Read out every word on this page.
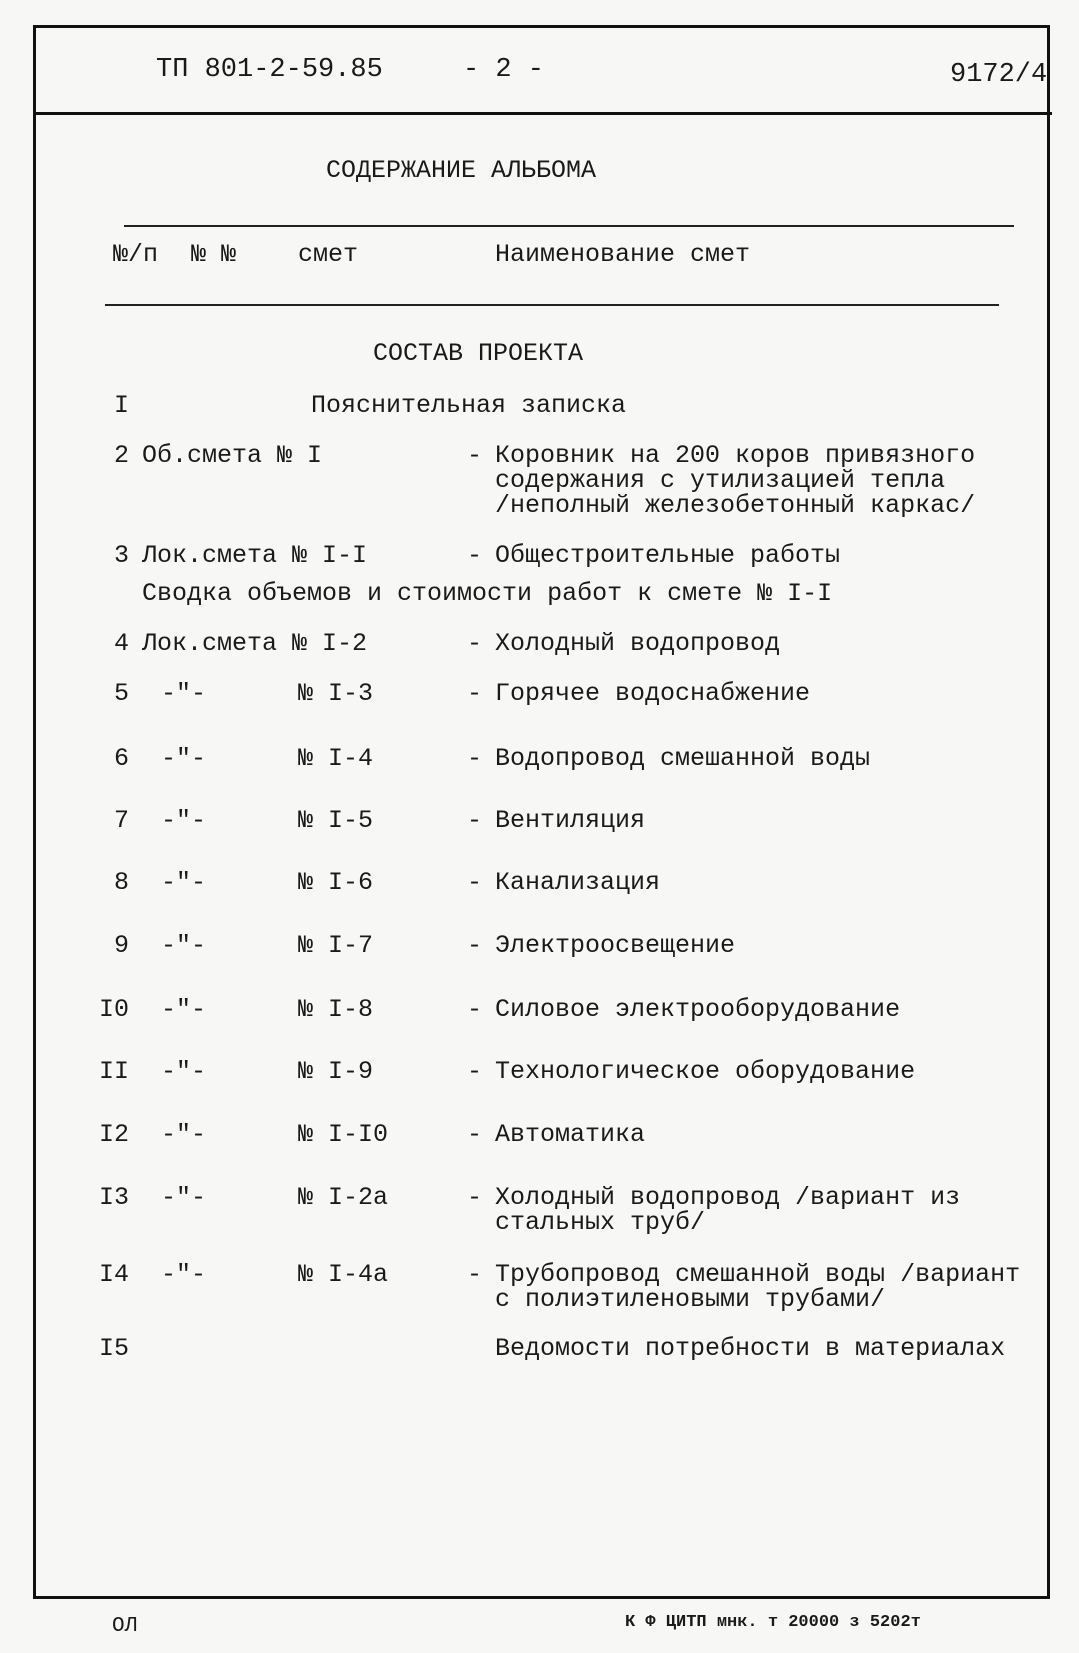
ТП 801-2-59.85	- 2 -	9172/4
СОДЕРЖАНИЕ АЛЬБОМА
№/п № № смет	Наименование смет
СОСТАВ ПРОЕКТА
I	Пояснительная записка
2 Об.смета № I	- Коровник на 200 коров привязного
содержания с утилизацией тепла
/неполный железобетонный каркас/
3 Лок.смета № I-I	- Общестроительные работы
Сводка объемов и стоимости работ к смете № I-I
4 Лок.смета № I-2	- Холодный водопровод
5 -"-	№ I-3	- Горячее водоснабжение
6 -"-	№ I-4	- Водопровод смешанной воды
7 -"-	№ I-5	- Вентиляция
8 -"-	№ I-6	- Канализация
9 -"-	№ I-7	- Электроосвещение
I0 -"-	№ I-8	- Силовое электрооборудование
II -"-	№ I-9	- Технологическое оборудование
I2 -"-	№ I-I0	- Автоматика
I3 -"-	№ I-2а	- Холодный водопровод /вариант из
стальных труб/
I4 -"-	№ I-4а	- Трубопровод смешанной воды /вариант
с полиэтиленовыми трубами/
I5	Ведомости потребности в материалах
ОЛ	К Ф ЦИТП мнк. т 20000 з 5202т
